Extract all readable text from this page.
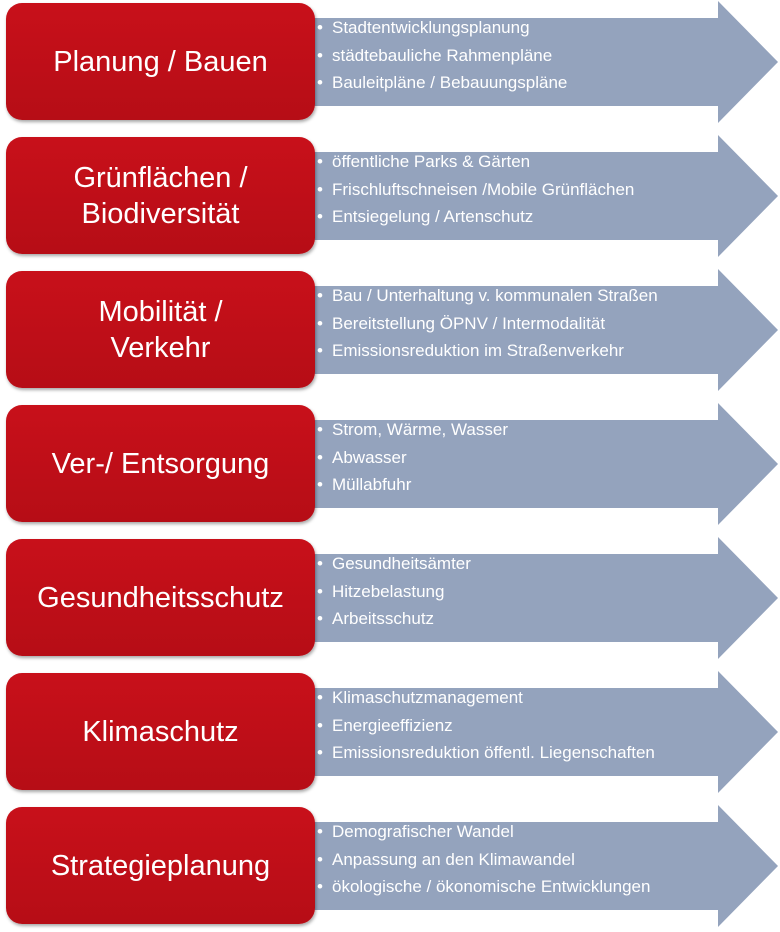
Planung / Bauen
• Stadtentwicklungsplanung
• städtebauliche Rahmenpläne
• Bauleitpläne / Bebauungspläne
Grünflächen / Biodiversität
• öffentliche Parks & Gärten
• Frischluftschneisen /Mobile Grünflächen
• Entsiegelung / Artenschutz
Mobilität / Verkehr
• Bau / Unterhaltung v. kommunalen Straßen
• Bereitstellung ÖPNV / Intermodalität
• Emissionsreduktion im Straßenverkehr
Ver-/ Entsorgung
• Strom, Wärme, Wasser
• Abwasser
• Müllabfuhr
Gesundheitsschutz
• Gesundheitsämter
• Hitzebelastung
• Arbeitsschutz
Klimaschutz
• Klimaschutzmanagement
• Energieeffizienz
• Emissionsreduktion öffentl. Liegenschaften
Strategieplanung
• Demografischer Wandel
• Anpassung an den Klimawandel
• ökologische / ökonomische Entwicklungen
